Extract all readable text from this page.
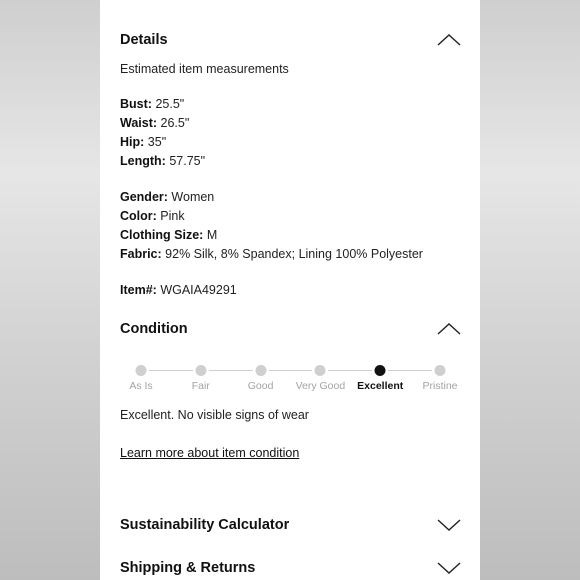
Details
Estimated item measurements
Bust: 25.5"
Waist: 26.5"
Hip: 35"
Length: 57.75"
Gender: Women
Color: Pink
Clothing Size: M
Fabric: 92% Silk, 8% Spandex; Lining 100% Polyester
Item#: WGAIA49291
Condition
As Is	Fair	Good Very Good Excellent Pristine
Excellent. No visible signs of wear
Learn more about item condition
Sustainability Calculator
Shipping & Returns
